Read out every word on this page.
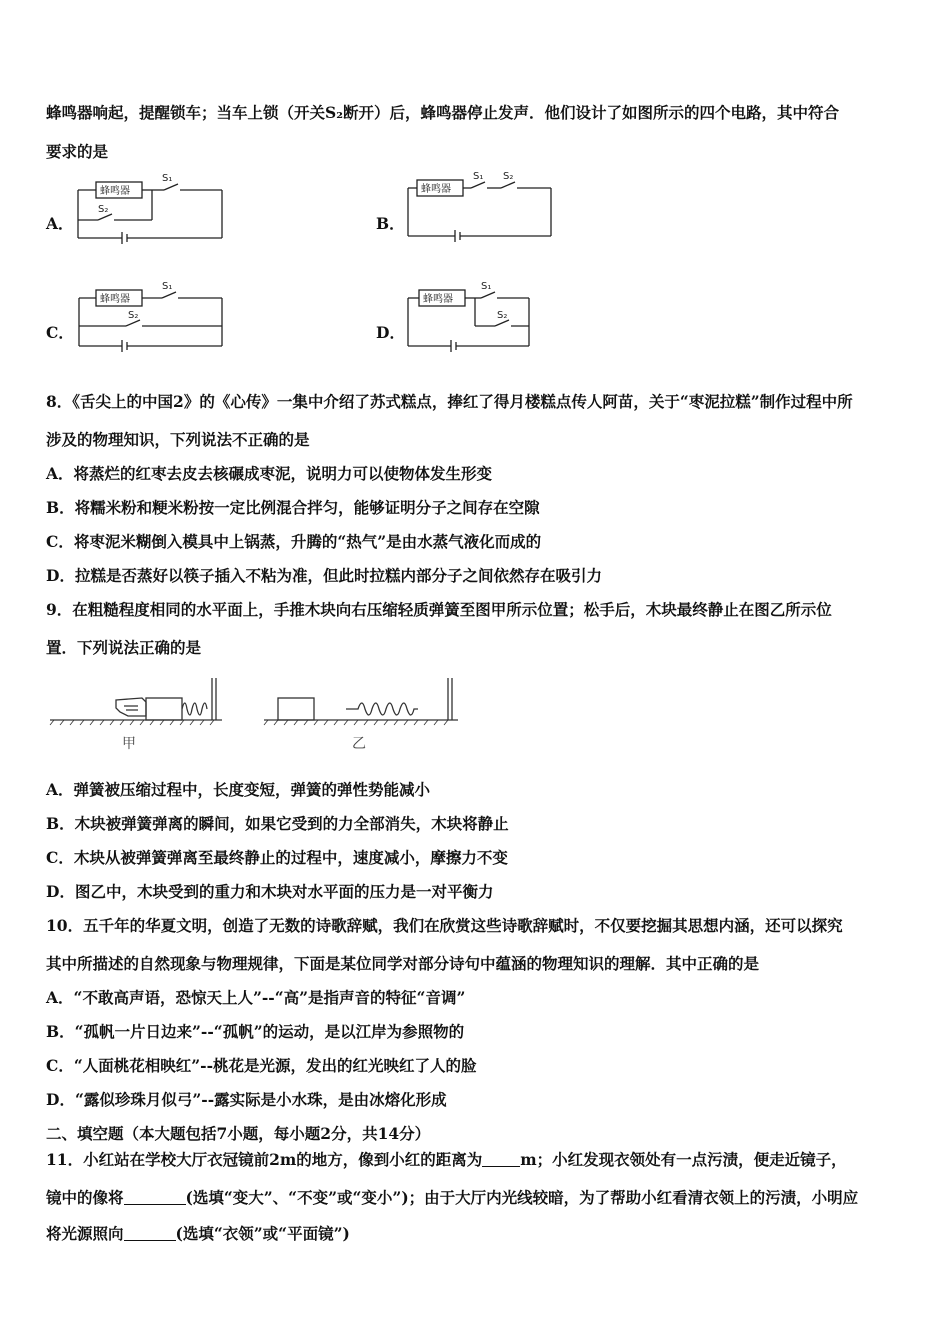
蜂鸣器响起，提醒锁车；当车上锁（开关S₂断开）后，蜂鸣器停止发声．他们设计了如图所示的四个电路，其中符合
要求的是
A．
蜂鸣器
S₁
S₂
B．
蜂鸣器
S₁ S₂
C．
蜂鸣器
S₁
S₂
D．
蜂鸣器
S₁
S₂
8．《舌尖上的中国2》的《心传》一集中介绍了苏式糕点，捧红了得月楼糕点传人阿苗，关于“枣泥拉糕”制作过程中所
涉及的物理知识，下列说法不正确的是
A．将蒸烂的红枣去皮去核碾成枣泥，说明力可以使物体发生形变
B．将糯米粉和粳米粉按一定比例混合拌匀，能够证明分子之间存在空隙
C．将枣泥米糊倒入模具中上锅蒸，升腾的“热气”是由水蒸气液化而成的
D．拉糕是否蒸好以筷子插入不粘为准，但此时拉糕内部分子之间依然存在吸引力
9．在粗糙程度相同的水平面上，手推木块向右压缩轻质弹簧至图甲所示位置；松手后，木块最终静止在图乙所示位
置．下列说法正确的是
甲	乙
A．弹簧被压缩过程中，长度变短，弹簧的弹性势能减小
B．木块被弹簧弹离的瞬间，如果它受到的力全部消失，木块将静止
C．木块从被弹簧弹离至最终静止的过程中，速度减小，摩擦力不变
D．图乙中，木块受到的重力和木块对水平面的压力是一对平衡力
10．五千年的华夏文明，创造了无数的诗歌辞赋，我们在欣赏这些诗歌辞赋时，不仅要挖掘其思想内涵，还可以探究
其中所描述的自然现象与物理规律，下面是某位同学对部分诗句中蕴涵的物理知识的理解．其中正确的是
A．“不敢高声语，恐惊天上人”--“高”是指声音的特征“音调”
B．“孤帆一片日边来”--“孤帆”的运动，是以江岸为参照物的
C．“人面桃花相映红”--桃花是光源，发出的红光映红了人的脸
D．“露似珍珠月似弓”--露实际是小水珠，是由冰熔化形成
二、填空题（本大题包括7小题，每小题2分，共14分）
11．小红站在学校大厅衣冠镜前2m的地方，像到小红的距离为 m；小红发现衣领处有一点污渍，便走近镜子，
镜中的像将	(选填“变大”、“不变”或“变小”)；由于大厅内光线较暗，为了帮助小红看清衣领上的污渍，小明应
将光源照向	(选填“衣领”或“平面镜”)
